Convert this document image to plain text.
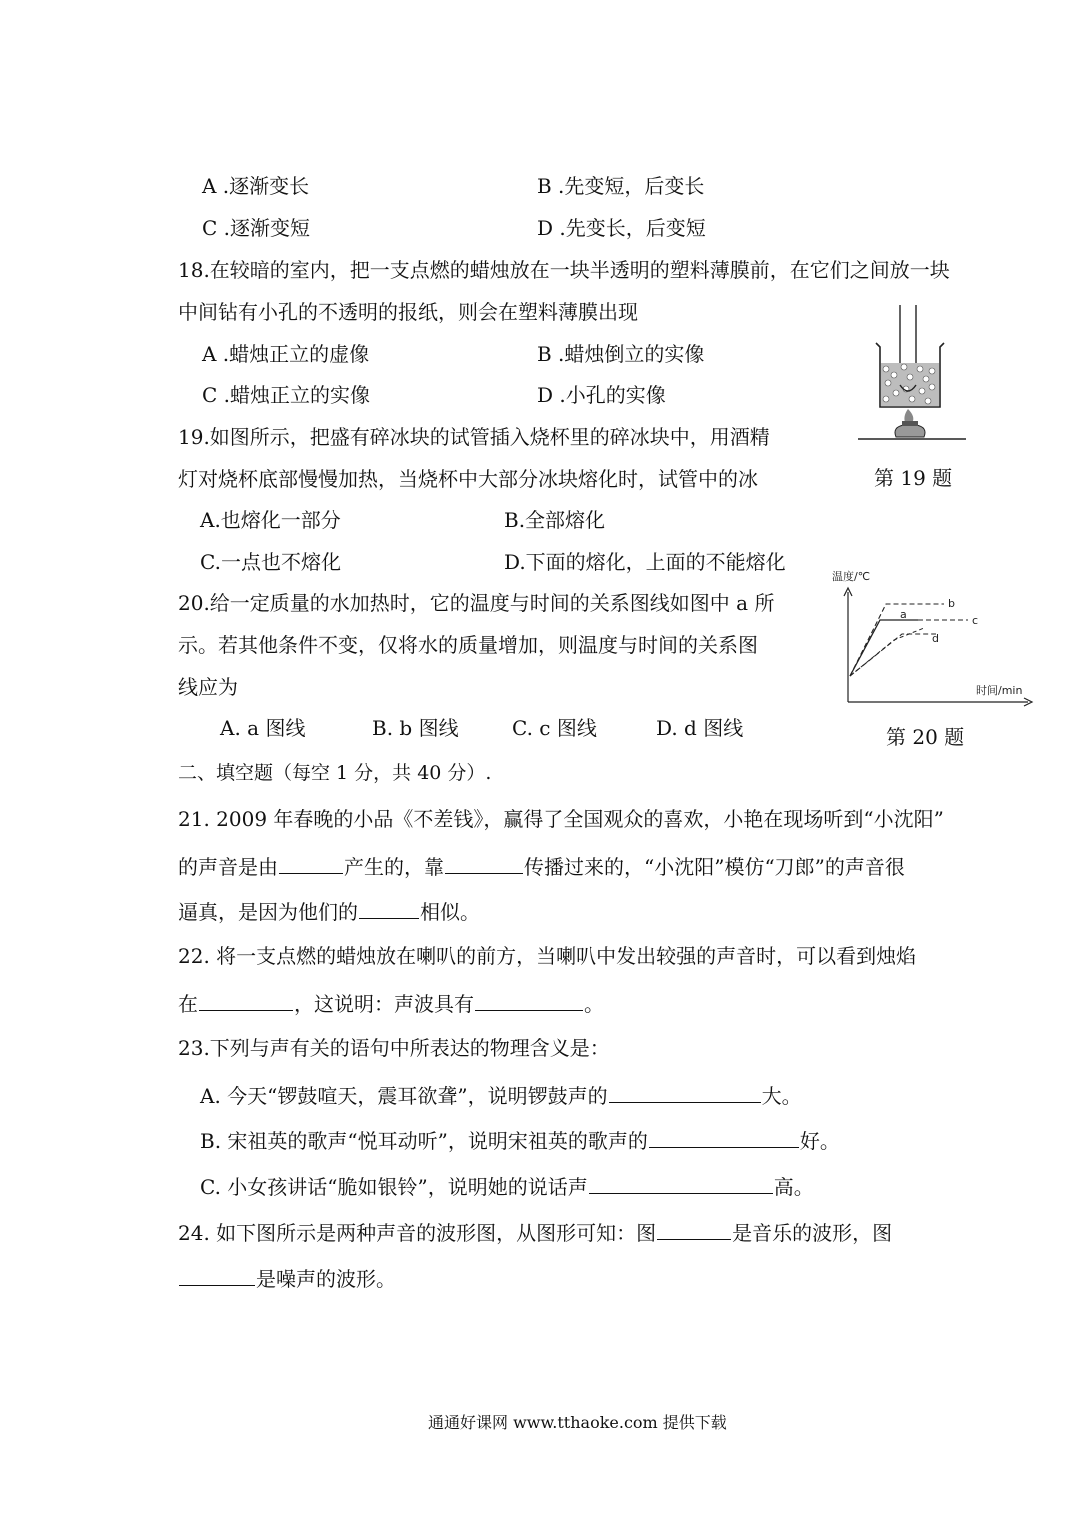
A .逐渐变长	B .先变短，后变长
C .逐渐变短	D .先变长，后变短
18.在较暗的室内，把一支点燃的蜡烛放在一块半透明的塑料薄膜前，在它们之间放一块
中间钻有小孔的不透明的报纸，则会在塑料薄膜出现
A .蜡烛正立的虚像	B .蜡烛倒立的实像
C .蜡烛正立的实像	D .小孔的实像
第 19 题
19.如图所示，把盛有碎冰块的试管插入烧杯里的碎冰块中，用酒精
灯对烧杯底部慢慢加热，当烧杯中大部分冰块熔化时，试管中的冰
A.也熔化一部分	B.全部熔化
C.一点也不熔化	D.下面的熔化，上面的不能熔化
温度/℃
时间/min
a
b
c
d
第 20 题
20.给一定质量的水加热时，它的温度与时间的关系图线如图中 a 所
示。若其他条件不变，仅将水的质量增加，则温度与时间的关系图
线应为
A. a 图线	B. b 图线	C. c 图线	D. d 图线
二、填空题（每空 1 分，共 40 分）.
21. 2009 年春晚的小品《不差钱》，赢得了全国观众的喜欢，小艳在现场听到“小沈阳”
的声音是由	产生的，靠	传播过来的，“小沈阳”模仿“刀郎”的声音很
逼真，是因为他们的	相似。
22. 将一支点燃的蜡烛放在喇叭的前方，当喇叭中发出较强的声音时，可以看到烛焰
在	，这说明：声波具有	。
23.下列与声有关的语句中所表达的物理含义是：
A. 今天“锣鼓喧天，震耳欲聋”，说明锣鼓声的	大。
B. 宋祖英的歌声“悦耳动听”，说明宋祖英的歌声的	好。
C. 小女孩讲话“脆如银铃”，说明她的说话声	高。
24. 如下图所示是两种声音的波形图，从图形可知：图	是音乐的波形，图
是噪声的波形。
通通好课网 www.tthaoke.com 提供下载
